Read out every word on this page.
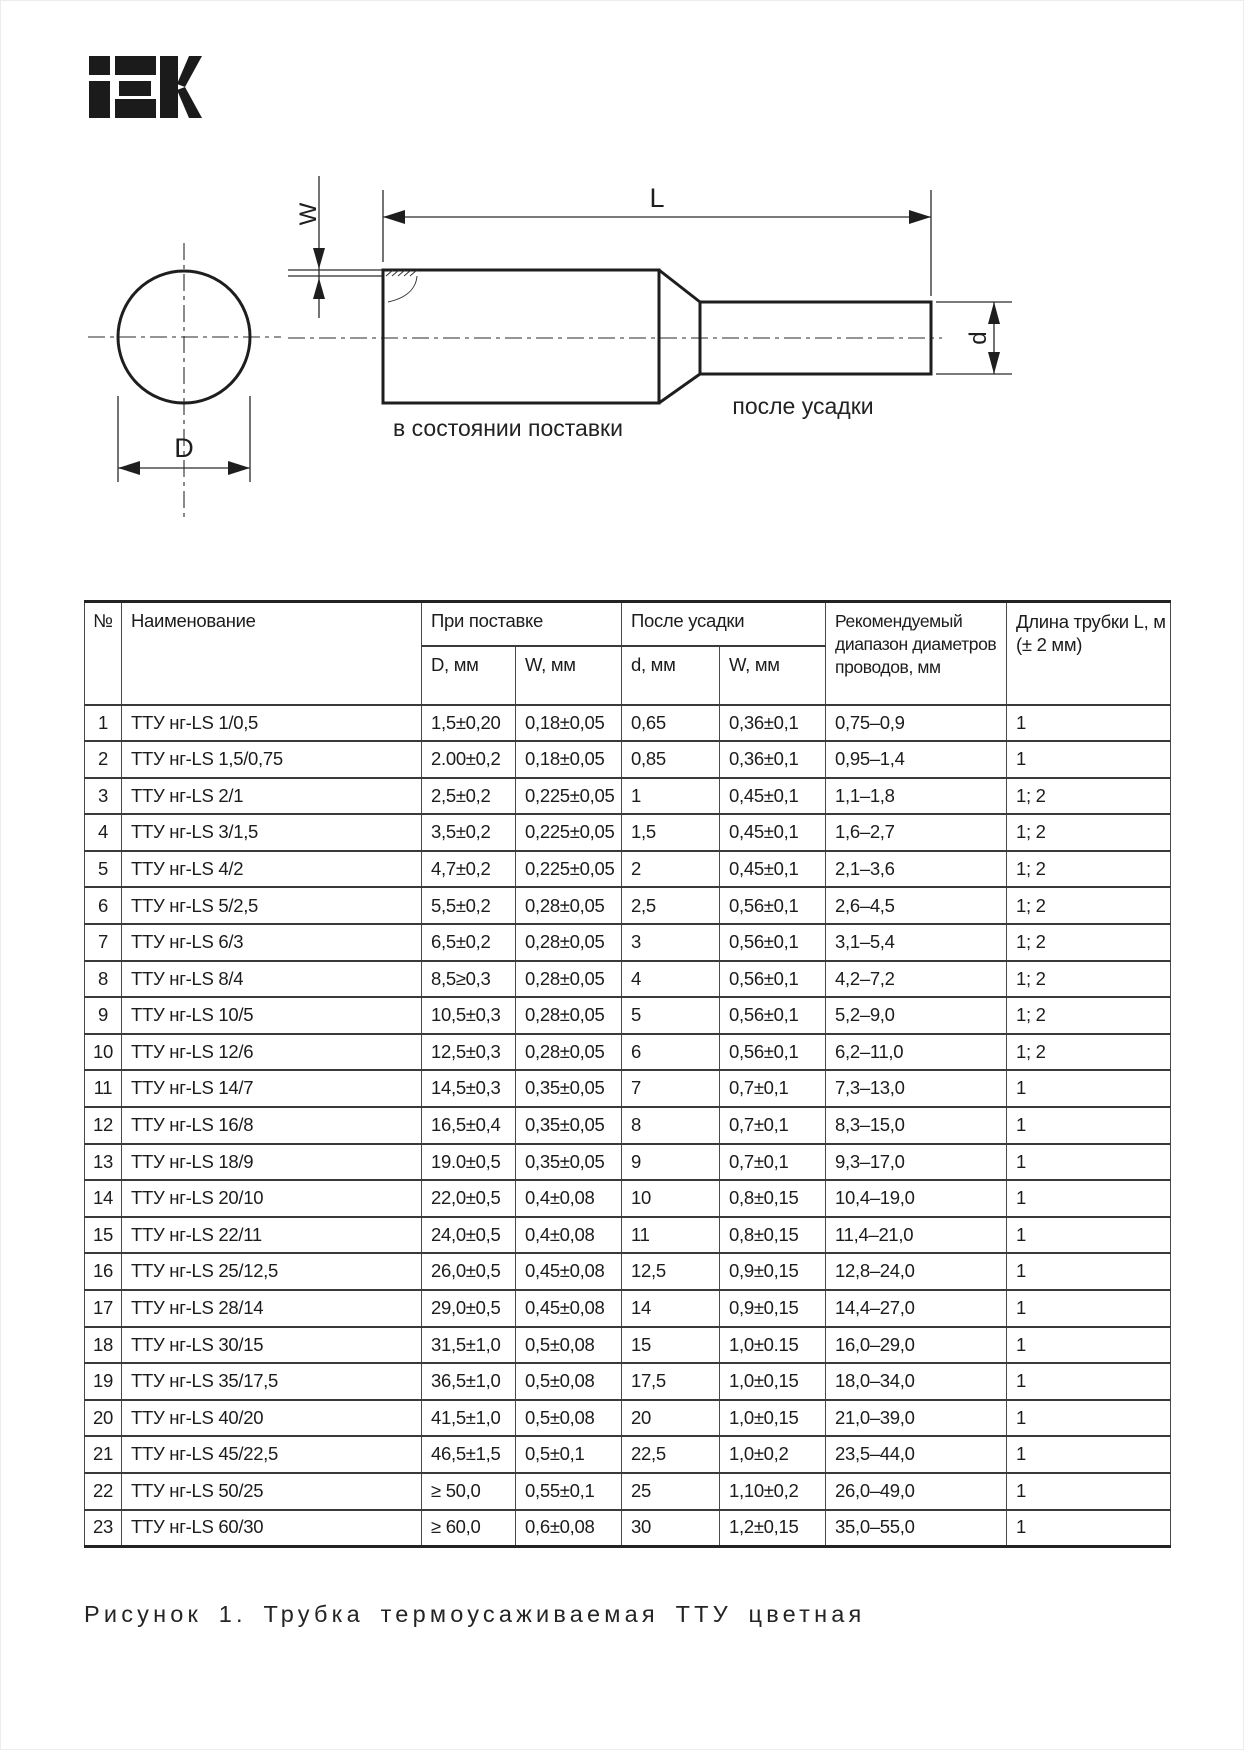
D
W
L
d
в состоянии поставки
после усадки
№	Наименование	При поставке		После усадки		Рекомендуемый диапазон диаметров проводов, мм	Длина трубки L, м (± 2 мм)
		D, мм	W, мм	d, мм	W, мм		
1	ТТУ нг-LS 1/0,5	1,5±0,20	0,18±0,05	0,65	0,36±0,1	0,75–0,9	1
2	ТТУ нг-LS 1,5/0,75	2.00±0,2	0,18±0,05	0,85	0,36±0,1	0,95–1,4	1
3	ТТУ нг-LS 2/1	2,5±0,2	0,225±0,05	1	0,45±0,1	1,1–1,8	1; 2
4	ТТУ нг-LS 3/1,5	3,5±0,2	0,225±0,05	1,5	0,45±0,1	1,6–2,7	1; 2
5	ТТУ нг-LS 4/2	4,7±0,2	0,225±0,05	2	0,45±0,1	2,1–3,6	1; 2
6	ТТУ нг-LS 5/2,5	5,5±0,2	0,28±0,05	2,5	0,56±0,1	2,6–4,5	1; 2
7	ТТУ нг-LS 6/3	6,5±0,2	0,28±0,05	3	0,56±0,1	3,1–5,4	1; 2
8	ТТУ нг-LS 8/4	8,5≥0,3	0,28±0,05	4	0,56±0,1	4,2–7,2	1; 2
9	ТТУ нг-LS 10/5	10,5±0,3	0,28±0,05	5	0,56±0,1	5,2–9,0	1; 2
10	ТТУ нг-LS 12/6	12,5±0,3	0,28±0,05	6	0,56±0,1	6,2–11,0	1; 2
11	ТТУ нг-LS 14/7	14,5±0,3	0,35±0,05	7	0,7±0,1	7,3–13,0	1
12	ТТУ нг-LS 16/8	16,5±0,4	0,35±0,05	8	0,7±0,1	8,3–15,0	1
13	ТТУ нг-LS 18/9	19.0±0,5	0,35±0,05	9	0,7±0,1	9,3–17,0	1
14	ТТУ нг-LS 20/10	22,0±0,5	0,4±0,08	10	0,8±0,15	10,4–19,0	1
15	ТТУ нг-LS 22/11	24,0±0,5	0,4±0,08	11	0,8±0,15	11,4–21,0	1
16	ТТУ нг-LS 25/12,5	26,0±0,5	0,45±0,08	12,5	0,9±0,15	12,8–24,0	1
17	ТТУ нг-LS 28/14	29,0±0,5	0,45±0,08	14	0,9±0,15	14,4–27,0	1
18	ТТУ нг-LS 30/15	31,5±1,0	0,5±0,08	15	1,0±0.15	16,0–29,0	1
19	ТТУ нг-LS 35/17,5	36,5±1,0	0,5±0,08	17,5	1,0±0,15	18,0–34,0	1
20	ТТУ нг-LS 40/20	41,5±1,0	0,5±0,08	20	1,0±0,15	21,0–39,0	1
21	ТТУ нг-LS 45/22,5	46,5±1,5	0,5±0,1	22,5	1,0±0,2	23,5–44,0	1
22	ТТУ нг-LS 50/25	≥ 50,0	0,55±0,1	25	1,10±0,2	26,0–49,0	1
23	ТТУ нг-LS 60/30	≥ 60,0	0,6±0,08	30	1,2±0,15	35,0–55,0	1
Рисунок 1. Трубка термоусаживаемая ТТУ цветная
